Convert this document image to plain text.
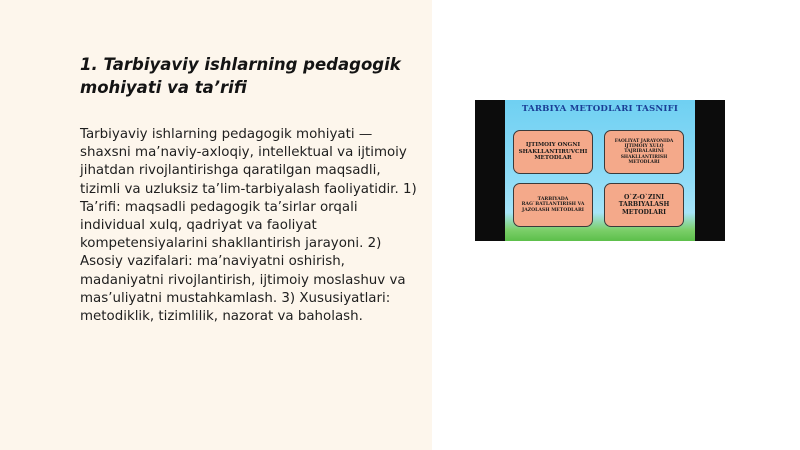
1. Tarbiyaviy ishlarning pedagogik mohiyati va ta’rifi

Tarbiyaviy ishlarning pedagogik mohiyati — shaxsni ma’naviy-axloqiy, intellektual va ijtimoiy jihatdan rivojlantirishga qaratilgan maqsadli, tizimli va uzluksiz ta’lim-tarbiyalash faoliyatidir. 1) Ta’rifi: maqsadli pedagogik ta’sirlar orqali individual xulq, qadriyat va faoliyat kompetensiyalarini shakllantirish jarayoni. 2) Asosiy vazifalari: ma’naviyatni oshirish, madaniyatni rivojlantirish, ijtimoiy moslashuv va mas’uliyatni mustahkamlash. 3) Xususiyatlari: metodiklik, tizimlilik, nazorat va baholash.

TARBIYA METODLARI TASNIFI
IJTIMOIY ONGNI SHAKLLANTIRUVCHI METODLAR
FAOLIYAT JARAYONIDA IJTIMOIY XULQ TAJRIBALARINI SHAKLLANTIRISH METODLARI
TARBIYADA RAG`BATLANTIRISH VA JAZOLASH METODLARI
O`Z-O`ZINI TARBIYALASH METODLARI
